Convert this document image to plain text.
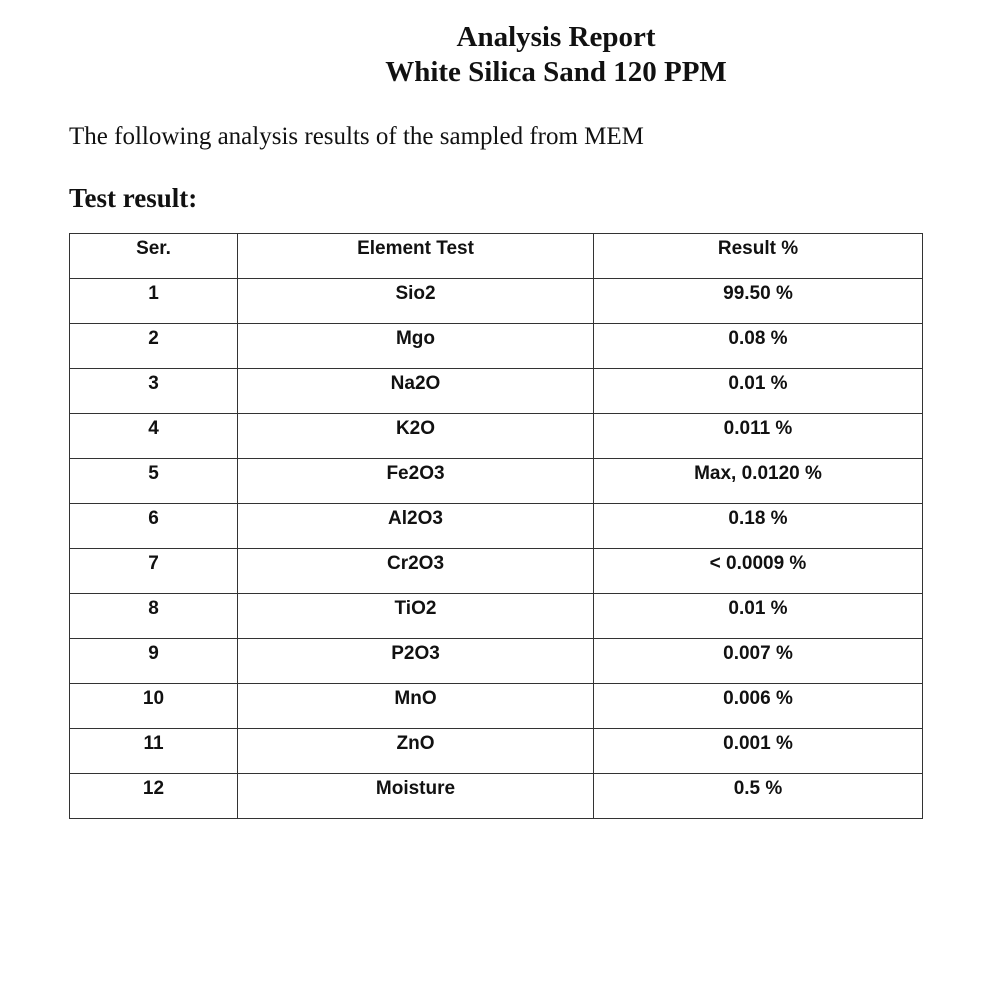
Analysis Report
White Silica Sand 120 PPM
The following analysis results of the sampled from MEM
Test result:
Ser.	Element Test	Result %
1	Sio2	99.50 %
2	Mgo	0.08 %
3	Na2O	0.01 %
4	K2O	0.011 %
5	Fe2O3	Max, 0.0120 %
6	Al2O3	0.18 %
7	Cr2O3	< 0.0009 %
8	TiO2	0.01 %
9	P2O3	0.007 %
10	MnO	0.006 %
11	ZnO	0.001 %
12	Moisture	0.5 %
